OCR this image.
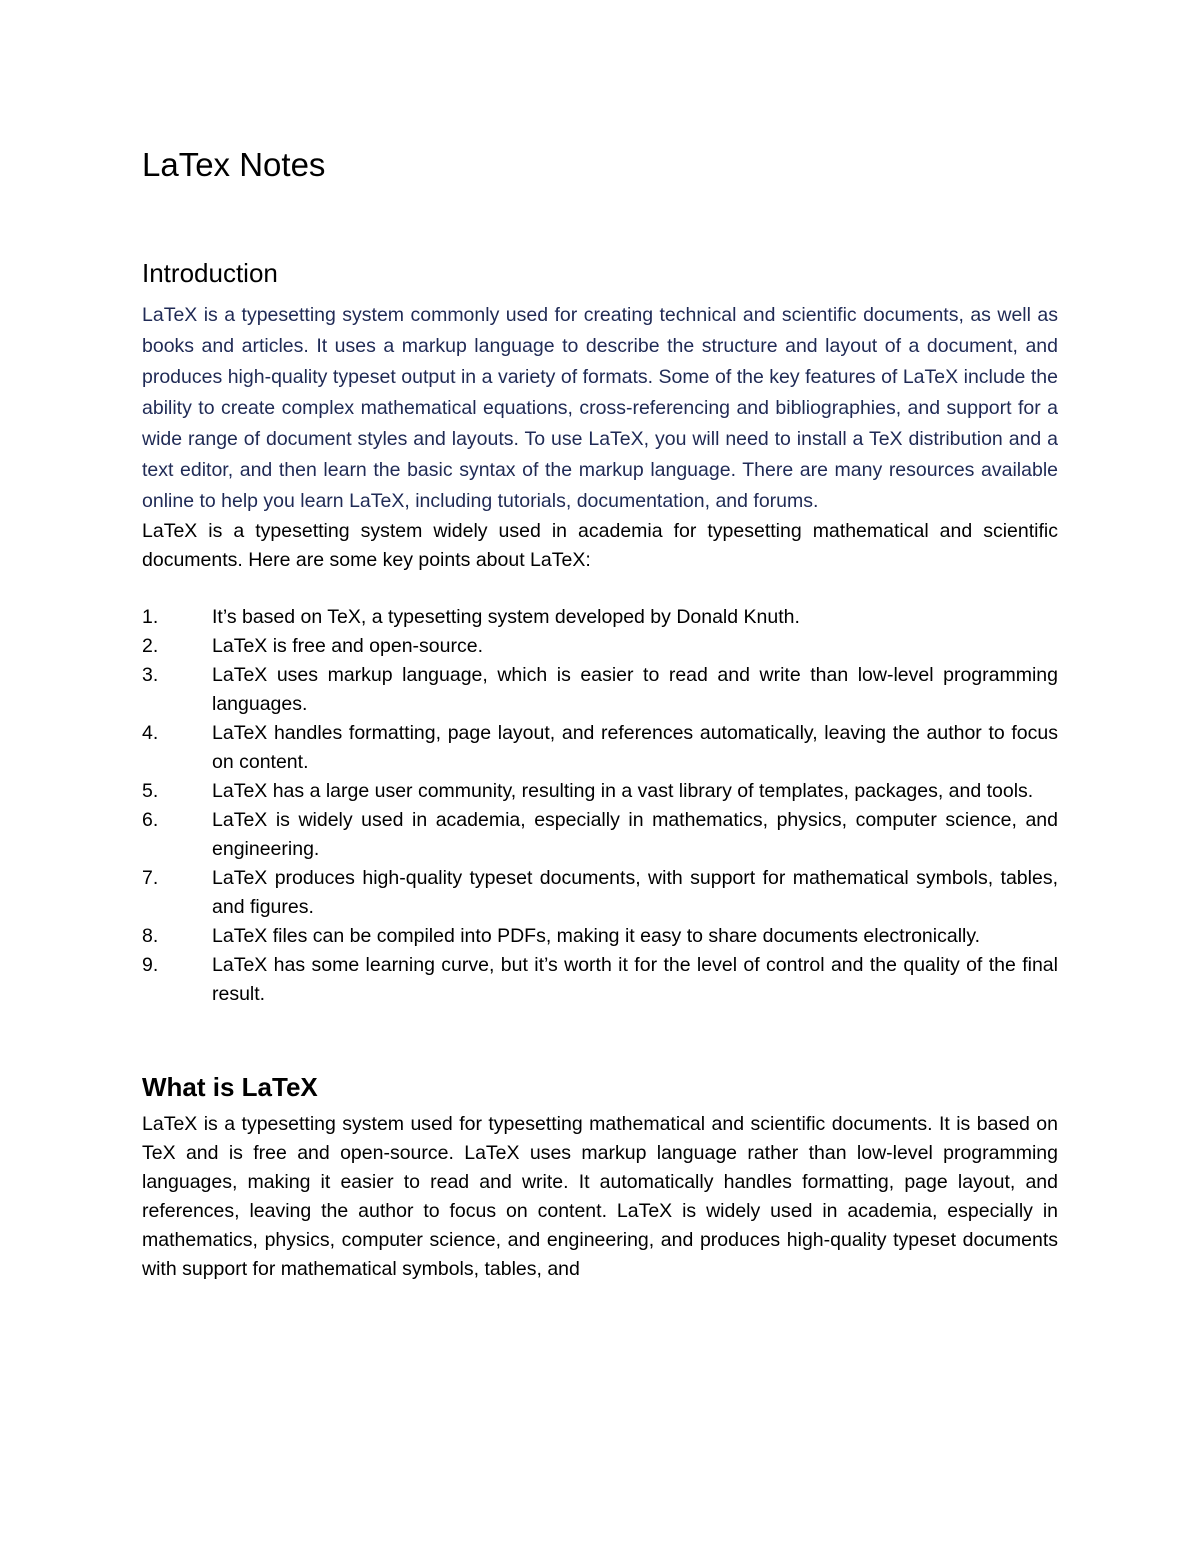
LaTex Notes
Introduction

LaTeX is a typesetting system commonly used for creating technical and scientific documents, as well as books and articles. It uses a markup language to describe the structure and layout of a document, and produces high-quality typeset output in a variety of formats. Some of the key features of LaTeX include the ability to create complex mathematical equations, cross-referencing and bibliographies, and support for a wide range of document styles and layouts. To use LaTeX, you will need to install a TeX distribution and a text editor, and then learn the basic syntax of the markup language. There are many resources available online to help you learn LaTeX, including tutorials, documentation, and forums.

LaTeX is a typesetting system widely used in academia for typesetting mathematical and scientific documents. Here are some key points about LaTeX:

1.	It’s based on TeX, a typesetting system developed by Donald Knuth.
2.	LaTeX is free and open-source.
3.	LaTeX uses markup language, which is easier to read and write than low-level programming languages.
4.	LaTeX handles formatting, page layout, and references automatically, leaving the author to focus on content.
5.	LaTeX has a large user community, resulting in a vast library of templates, packages, and tools.
6.	LaTeX is widely used in academia, especially in mathematics, physics, computer science, and engineering.
7.	LaTeX produces high-quality typeset documents, with support for mathematical symbols, tables, and figures.
8.	LaTeX files can be compiled into PDFs, making it easy to share documents electronically.
9.	LaTeX has some learning curve, but it’s worth it for the level of control and the quality of the final result.
What is LaTeX

LaTeX is a typesetting system used for typesetting mathematical and scientific documents. It is based on TeX and is free and open-source. LaTeX uses markup language rather than low-level programming languages, making it easier to read and write. It automatically handles formatting, page layout, and references, leaving the author to focus on content. LaTeX is widely used in academia, especially in mathematics, physics, computer science, and engineering, and produces high-quality typeset documents with support for mathematical symbols, tables, and
